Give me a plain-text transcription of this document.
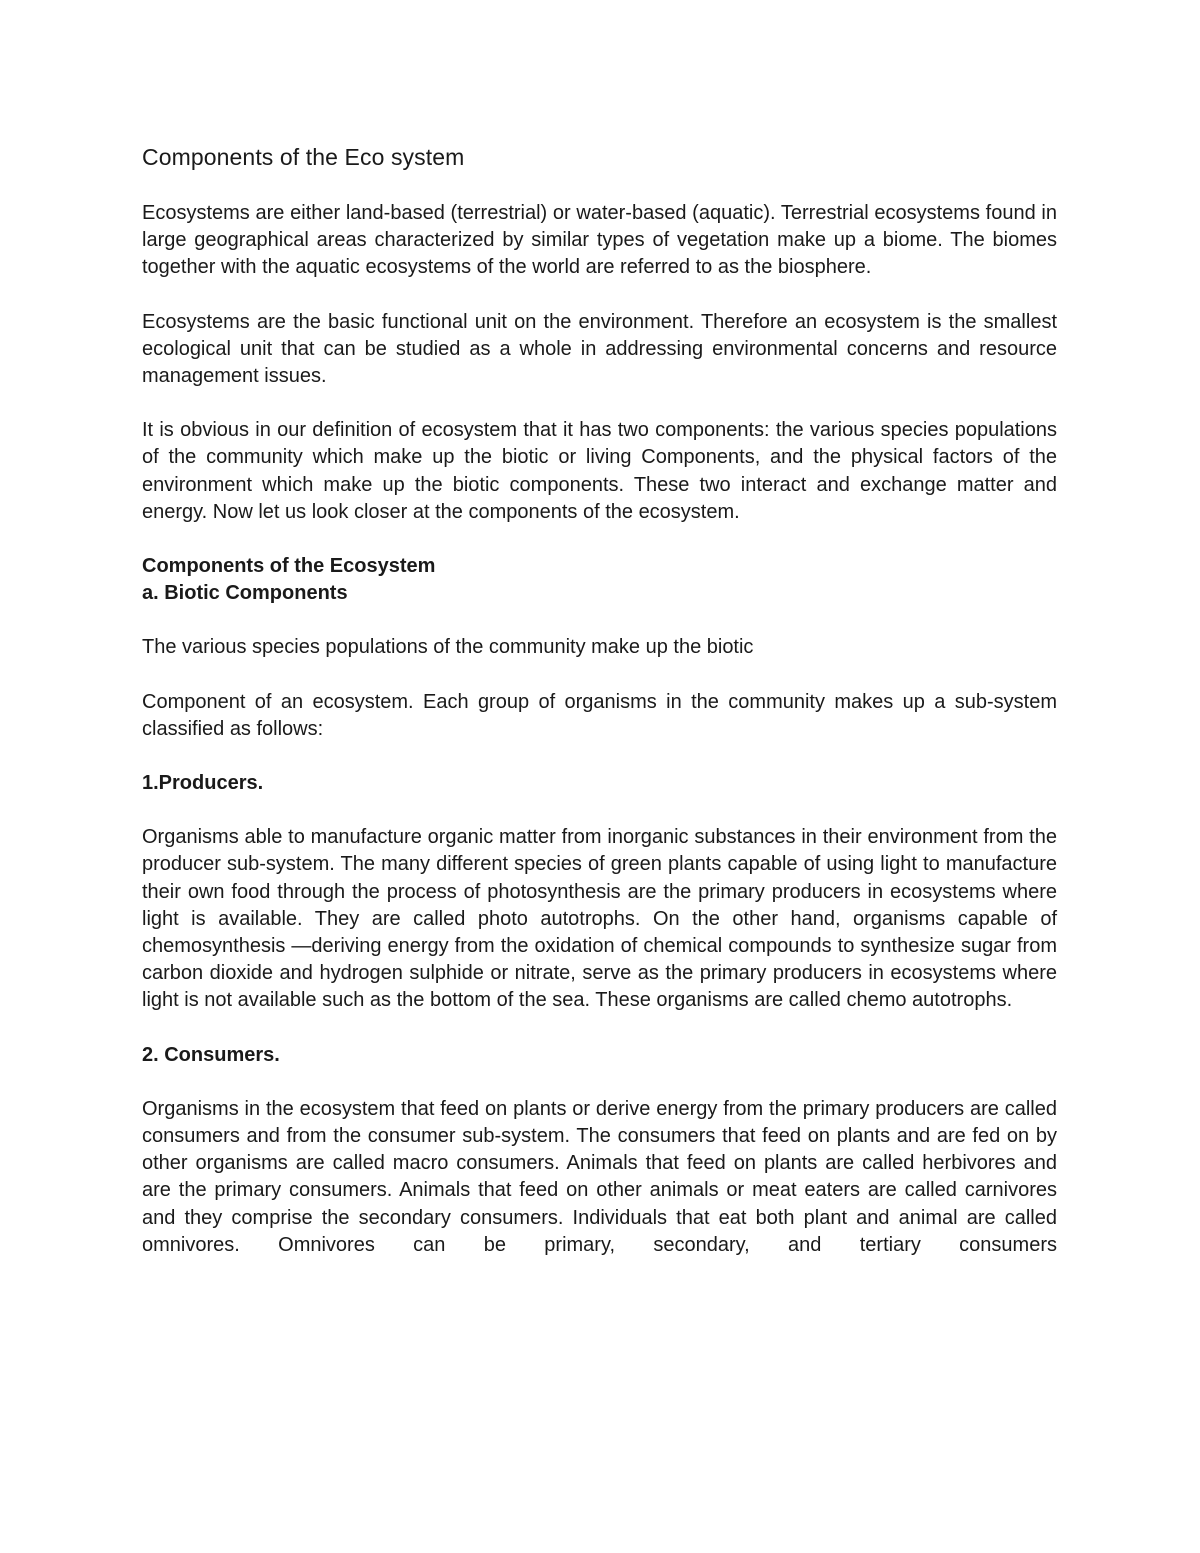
Components of the Eco system

Ecosystems are either land-based (terrestrial) or water-based (aquatic). Terrestrial ecosystems found in large geographical areas characterized by similar types of vegetation make up a biome. The biomes together with the aquatic ecosystems of the world are referred to as the biosphere.

Ecosystems are the basic functional unit on the environment. Therefore an ecosystem is the smallest ecological unit that can be studied as a whole in addressing environmental concerns and resource management issues.

It is obvious in our definition of ecosystem that it has two components: the various species populations of the community which make up the biotic or living Components, and the physical factors of the environment which make up the biotic components. These two interact and exchange matter and energy. Now let us look closer at the components of the ecosystem.

Components of the Ecosystem

a. Biotic Components

The various species populations of the community make up the biotic

Component of an ecosystem. Each group of organisms in the community makes up a sub-system classified as follows:

1.Producers.

Organisms able to manufacture organic matter from inorganic substances in their environment from the producer sub-system. The many different species of green plants capable of using light to manufacture their own food through the process of photosynthesis are the primary producers in ecosystems where light is available. They are called photo autotrophs. On the other hand, organisms capable of chemosynthesis —deriving energy from the oxidation of chemical compounds to synthesize sugar from carbon dioxide and hydrogen sulphide or nitrate, serve as the primary producers in ecosystems where light is not available such as the bottom of the sea. These organisms are called chemo autotrophs.

2. Consumers.

Organisms in the ecosystem that feed on plants or derive energy from the primary producers are called consumers and from the consumer sub-system. The consumers that feed on plants and are fed on by other organisms are called macro consumers. Animals that feed on plants are called herbivores and are the primary consumers. Animals that feed on other animals or meat eaters are called carnivores and they comprise the secondary consumers. Individuals that eat both plant and animal are called omnivores. Omnivores can be primary, secondary, and tertiary consumers
